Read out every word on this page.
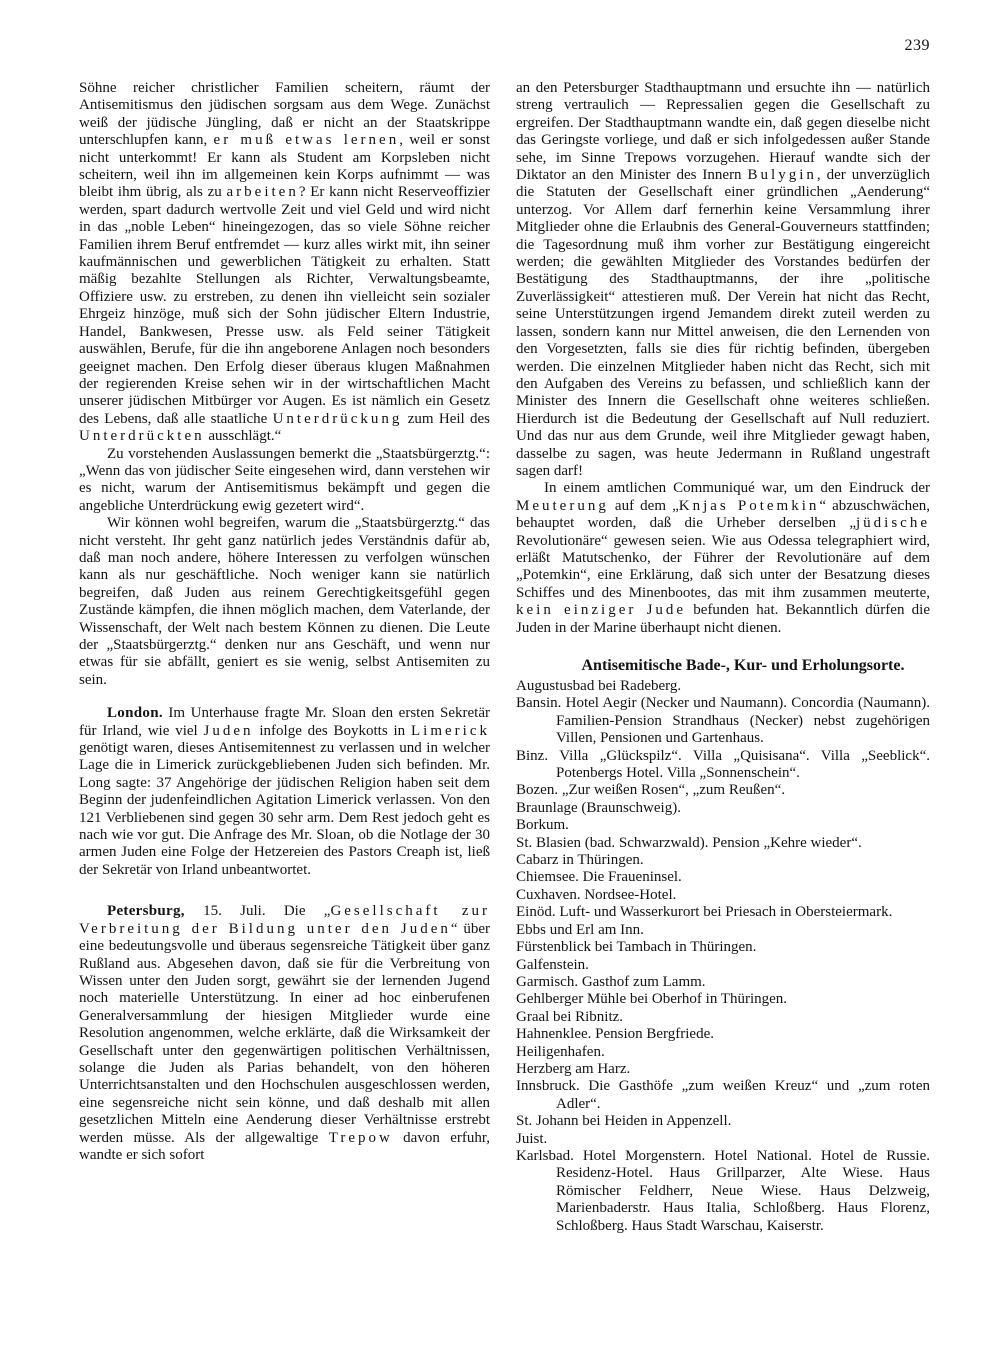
239

Söhne reicher christlicher Familien scheitern, räumt der Antisemitismus den jüdischen sorgsam aus dem Wege. Zunächst weiß der jüdische Jüngling, daß er nicht an der Staatskrippe unterschlupfen kann, er muß etwas lernen, weil er sonst nicht unterkommt! Er kann als Student am Korpsleben nicht scheitern, weil ihn im allgemeinen kein Korps aufnimmt — was bleibt ihm übrig, als zu arbeiten? Er kann nicht Reserveoffizier werden, spart dadurch wertvolle Zeit und viel Geld und wird nicht in das „noble Leben“ hineingezogen, das so viele Söhne reicher Familien ihrem Beruf entfremdet — kurz alles wirkt mit, ihn seiner kaufmännischen und gewerblichen Tätigkeit zu erhalten. Statt mäßig bezahlte Stellungen als Richter, Verwaltungsbeamte, Offiziere usw. zu erstreben, zu denen ihn vielleicht sein sozialer Ehrgeiz hinzöge, muß sich der Sohn jüdischer Eltern Industrie, Handel, Bankwesen, Presse usw. als Feld seiner Tätigkeit auswählen, Berufe, für die ihn angeborene Anlagen noch besonders geeignet machen. Den Erfolg dieser überaus klugen Maßnahmen der regierenden Kreise sehen wir in der wirtschaftlichen Macht unserer jüdischen Mitbürger vor Augen. Es ist nämlich ein Gesetz des Lebens, daß alle staatliche Unterdrückung zum Heil des Unterdrückten ausschlägt.“

Zu vorstehenden Auslassungen bemerkt die „Staatsbürgerztg.“: „Wenn das von jüdischer Seite eingesehen wird, dann verstehen wir es nicht, warum der Antisemitismus bekämpft und gegen die angebliche Unterdrückung ewig gezetert wird“.

Wir können wohl begreifen, warum die „Staatsbürgerztg.“ das nicht versteht. Ihr geht ganz natürlich jedes Verständnis dafür ab, daß man noch andere, höhere Interessen zu verfolgen wünschen kann als nur geschäftliche. Noch weniger kann sie natürlich begreifen, daß Juden aus reinem Gerechtigkeitsgefühl gegen Zustände kämpfen, die ihnen möglich machen, dem Vaterlande, der Wissenschaft, der Welt nach bestem Können zu dienen. Die Leute der „Staatsbürgerztg.“ denken nur ans Geschäft, und wenn nur etwas für sie abfällt, geniert es sie wenig, selbst Antisemiten zu sein.

London. Im Unterhause fragte Mr. Sloan den ersten Sekretär für Irland, wie viel Juden infolge des Boykotts in Limerick genötigt waren, dieses Antisemitennest zu verlassen und in welcher Lage die in Limerick zurückgebliebenen Juden sich befinden. Mr. Long sagte: 37 Angehörige der jüdischen Religion haben seit dem Beginn der judenfeindlichen Agitation Limerick verlassen. Von den 121 Verbliebenen sind gegen 30 sehr arm. Dem Rest jedoch geht es nach wie vor gut. Die Anfrage des Mr. Sloan, ob die Notlage der 30 armen Juden eine Folge der Hetzereien des Pastors Creaph ist, ließ der Sekretär von Irland unbeantwortet.

Petersburg, 15. Juli. Die „Gesellschaft zur Verbreitung der Bildung unter den Juden“ über eine bedeutungsvolle und überaus segensreiche Tätigkeit über ganz Rußland aus. Abgesehen davon, daß sie für die Verbreitung von Wissen unter den Juden sorgt, gewährt sie der lernenden Jugend noch materielle Unterstützung. In einer ad hoc einberufenen Generalversammlung der hiesigen Mitglieder wurde eine Resolution angenommen, welche erklärte, daß die Wirksamkeit der Gesellschaft unter den gegenwärtigen politischen Verhältnissen, solange die Juden als Parias behandelt, von den höheren Unterrichtsanstalten und den Hochschulen ausgeschlossen werden, eine segensreiche nicht sein könne, und daß deshalb mit allen gesetzlichen Mitteln eine Aenderung dieser Verhältnisse erstrebt werden müsse. Als der allgewaltige Trepow davon erfuhr, wandte er sich sofort

an den Petersburger Stadthauptmann und ersuchte ihn — natürlich streng vertraulich — Repressalien gegen die Gesellschaft zu ergreifen. Der Stadthauptmann wandte ein, daß gegen dieselbe nicht das Geringste vorliege, und daß er sich infolgedessen außer Stande sehe, im Sinne Trepows vorzugehen. Hierauf wandte sich der Diktator an den Minister des Innern Bulygin, der unverzüglich die Statuten der Gesellschaft einer gründlichen „Aenderung“ unterzog. Vor Allem darf fernerhin keine Versammlung ihrer Mitglieder ohne die Erlaubnis des General-Gouverneurs stattfinden; die Tagesordnung muß ihm vorher zur Bestätigung eingereicht werden; die gewählten Mitglieder des Vorstandes bedürfen der Bestätigung des Stadthauptmanns, der ihre „politische Zuverlässigkeit“ attestieren muß. Der Verein hat nicht das Recht, seine Unterstützungen irgend Jemandem direkt zuteil werden zu lassen, sondern kann nur Mittel anweisen, die den Lernenden von den Vorgesetzten, falls sie dies für richtig befinden, übergeben werden. Die einzelnen Mitglieder haben nicht das Recht, sich mit den Aufgaben des Vereins zu befassen, und schließlich kann der Minister des Innern die Gesellschaft ohne weiteres schließen. Hierdurch ist die Bedeutung der Gesellschaft auf Null reduziert. Und das nur aus dem Grunde, weil ihre Mitglieder gewagt haben, dasselbe zu sagen, was heute Jedermann in Rußland ungestraft sagen darf!

In einem amtlichen Communiqué war, um den Eindruck der Meuterung auf dem „Knjas Potemkin“ abzuschwächen, behauptet worden, daß die Urheber derselben „jüdische Revolutionäre“ gewesen seien. Wie aus Odessa telegraphiert wird, erläßt Matutschenko, der Führer der Revolutionäre auf dem „Potemkin“, eine Erklärung, daß sich unter der Besatzung dieses Schiffes und des Minenbootes, das mit ihm zusammen meuterte, kein einziger Jude befunden hat. Bekanntlich dürfen die Juden in der Marine überhaupt nicht dienen.

Antisemitische Bade-, Kur- und Erholungsorte.
Augustusbad bei Radeberg.
Bansin. Hotel Aegir (Necker und Naumann). Concordia (Naumann). Familien-Pension Strandhaus (Necker) nebst zugehörigen Villen, Pensionen und Gartenhaus.
Binz. Villa „Glückspilz“. Villa „Quisisana“. Villa „Seeblick“. Potenbergs Hotel. Villa „Sonnenschein“.
Bozen. „Zur weißen Rosen“, „zum Reußen“.
Braunlage (Braunschweig).
Borkum.
St. Blasien (bad. Schwarzwald). Pension „Kehre wieder“.
Cabarz in Thüringen.
Chiemsee. Die Fraueninsel.
Cuxhaven. Nordsee-Hotel.
Einöd. Luft- und Wasserkurort bei Priesach in Obersteiermark.
Ebbs und Erl am Inn.
Fürstenblick bei Tambach in Thüringen.
Galfenstein.
Garmisch. Gasthof zum Lamm.
Gehlberger Mühle bei Oberhof in Thüringen.
Graal bei Ribnitz.
Hahnenklee. Pension Bergfriede.
Heiligenhafen.
Herzberg am Harz.
Innsbruck. Die Gasthöfe „zum weißen Kreuz“ und „zum roten Adler“.
St. Johann bei Heiden in Appenzell.
Juist.
Karlsbad. Hotel Morgenstern. Hotel National. Hotel de Russie. Residenz-Hotel. Haus Grillparzer, Alte Wiese. Haus Römischer Feldherr, Neue Wiese. Haus Delzweig, Marienbaderstr. Haus Italia, Schloßberg. Haus Florenz, Schloßberg. Haus Stadt Warschau, Kaiserstr.
